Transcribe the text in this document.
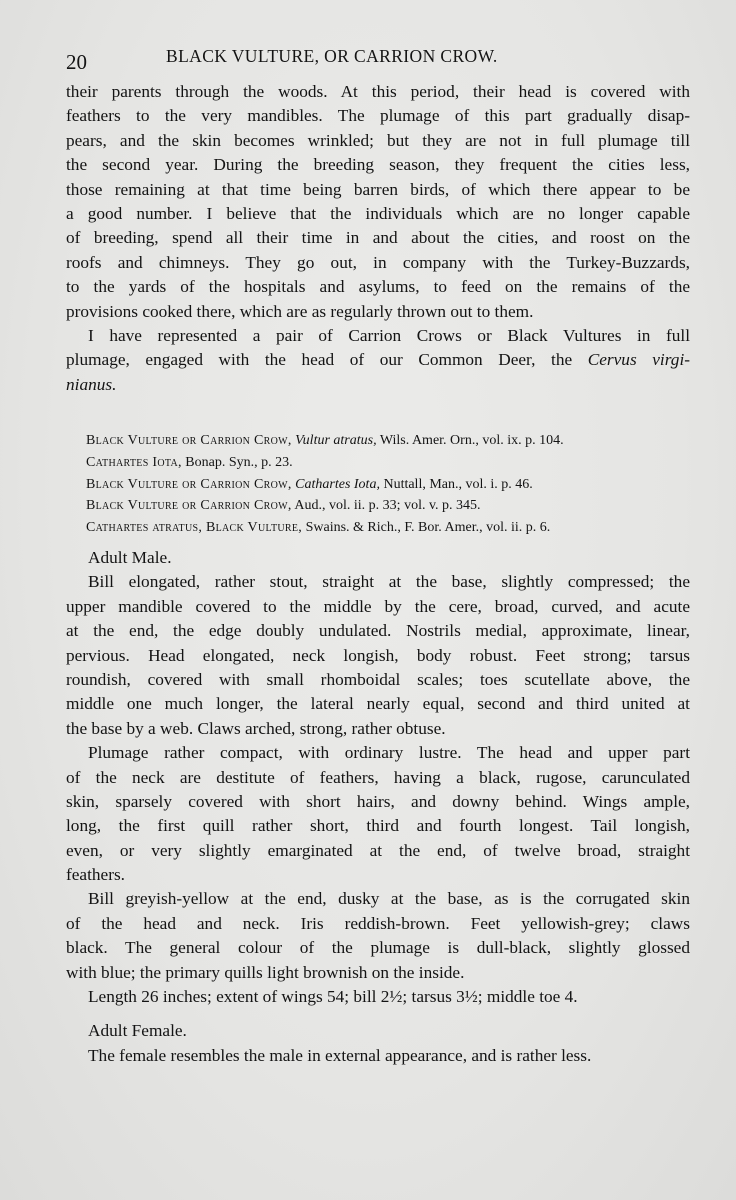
20	BLACK VULTURE, OR CARRION CROW.
their parents through the woods. At this period, their head is covered with
feathers to the very mandibles. The plumage of this part gradually disap-
pears, and the skin becomes wrinkled; but they are not in full plumage till
the second year. During the breeding season, they frequent the cities less,
those remaining at that time being barren birds, of which there appear to be
a good number. I believe that the individuals which are no longer capable
of breeding, spend all their time in and about the cities, and roost on the
roofs and chimneys. They go out, in company with the Turkey-Buzzards,
to the yards of the hospitals and asylums, to feed on the remains of the
provisions cooked there, which are as regularly thrown out to them.
I have represented a pair of Carrion Crows or Black Vultures in full
plumage, engaged with the head of our Common Deer, the Cervus virgi-
nianus.
Black Vulture or Carrion Crow, Vultur atratus, Wils. Amer. Orn., vol. ix. p. 104.
Cathartes Iota, Bonap. Syn., p. 23.
Black Vulture or Carrion Crow, Cathartes Iota, Nuttall, Man., vol. i. p. 46.
Black Vulture or Carrion Crow, Aud., vol. ii. p. 33; vol. v. p. 345.
Cathartes atratus, Black Vulture, Swains. & Rich., F. Bor. Amer., vol. ii. p. 6.
Adult Male.
Bill elongated, rather stout, straight at the base, slightly compressed; the
upper mandible covered to the middle by the cere, broad, curved, and acute
at the end, the edge doubly undulated. Nostrils medial, approximate, linear,
pervious. Head elongated, neck longish, body robust. Feet strong; tarsus
roundish, covered with small rhomboidal scales; toes scutellate above, the
middle one much longer, the lateral nearly equal, second and third united at
the base by a web. Claws arched, strong, rather obtuse.
Plumage rather compact, with ordinary lustre. The head and upper part
of the neck are destitute of feathers, having a black, rugose, carunculated
skin, sparsely covered with short hairs, and downy behind. Wings ample,
long, the first quill rather short, third and fourth longest. Tail longish,
even, or very slightly emarginated at the end, of twelve broad, straight
feathers.
Bill greyish-yellow at the end, dusky at the base, as is the corrugated skin
of the head and neck. Iris reddish-brown. Feet yellowish-grey; claws
black. The general colour of the plumage is dull-black, slightly glossed
with blue; the primary quills light brownish on the inside.
Length 26 inches; extent of wings 54; bill 2½; tarsus 3½; middle toe 4.
Adult Female.
The female resembles the male in external appearance, and is rather less.
